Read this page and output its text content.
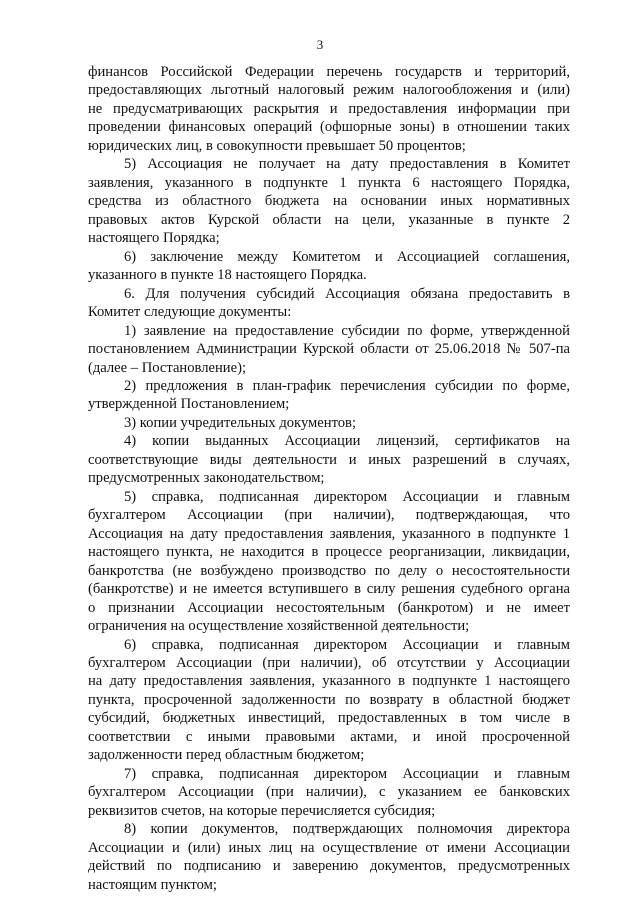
3
финансов Российской Федерации перечень государств и территорий,
предоставляющих льготный налоговый режим налогообложения и (или)
не предусматривающих раскрытия и предоставления информации при
проведении финансовых операций (офшорные зоны) в отношении таких
юридических лиц, в совокупности превышает 50 процентов;
5) Ассоциация не получает на дату предоставления в Комитет
заявления, указанного в подпункте 1 пункта 6 настоящего Порядка,
средства из областного бюджета на основании иных нормативных
правовых актов Курской области на цели, указанные в пункте 2
настоящего Порядка;
6) заключение между Комитетом и Ассоциацией соглашения,
указанного в пункте 18 настоящего Порядка.
6. Для получения субсидий Ассоциация обязана предоставить в
Комитет следующие документы:
1) заявление на предоставление субсидии по форме, утвержденной
постановлением Администрации Курской области от 25.06.2018 № 507-па
(далее – Постановление);
2) предложения в план-график перечисления субсидии по форме,
утвержденной Постановлением;
3) копии учредительных документов;
4) копии выданных Ассоциации лицензий, сертификатов на
соответствующие виды деятельности и иных разрешений в случаях,
предусмотренных законодательством;
5) справка, подписанная директором Ассоциации и главным
бухгалтером Ассоциации (при наличии), подтверждающая, что
Ассоциация на дату предоставления заявления, указанного в подпункте 1
настоящего пункта, не находится в процессе реорганизации, ликвидации,
банкротства (не возбуждено производство по делу о несостоятельности
(банкротстве) и не имеется вступившего в силу решения судебного органа
о признании Ассоциации несостоятельным (банкротом) и не имеет
ограничения на осуществление хозяйственной деятельности;
6) справка, подписанная директором Ассоциации и главным
бухгалтером Ассоциации (при наличии), об отсутствии у Ассоциации
на дату предоставления заявления, указанного в подпункте 1 настоящего
пункта, просроченной задолженности по возврату в областной бюджет
субсидий, бюджетных инвестиций, предоставленных в том числе в
соответствии с иными правовыми актами, и иной просроченной
задолженности перед областным бюджетом;
7) справка, подписанная директором Ассоциации и главным
бухгалтером Ассоциации (при наличии), с указанием ее банковских
реквизитов счетов, на которые перечисляется субсидия;
8) копии документов, подтверждающих полномочия директора
Ассоциации и (или) иных лиц на осуществление от имени Ассоциации
действий по подписанию и заверению документов, предусмотренных
настоящим пунктом;
